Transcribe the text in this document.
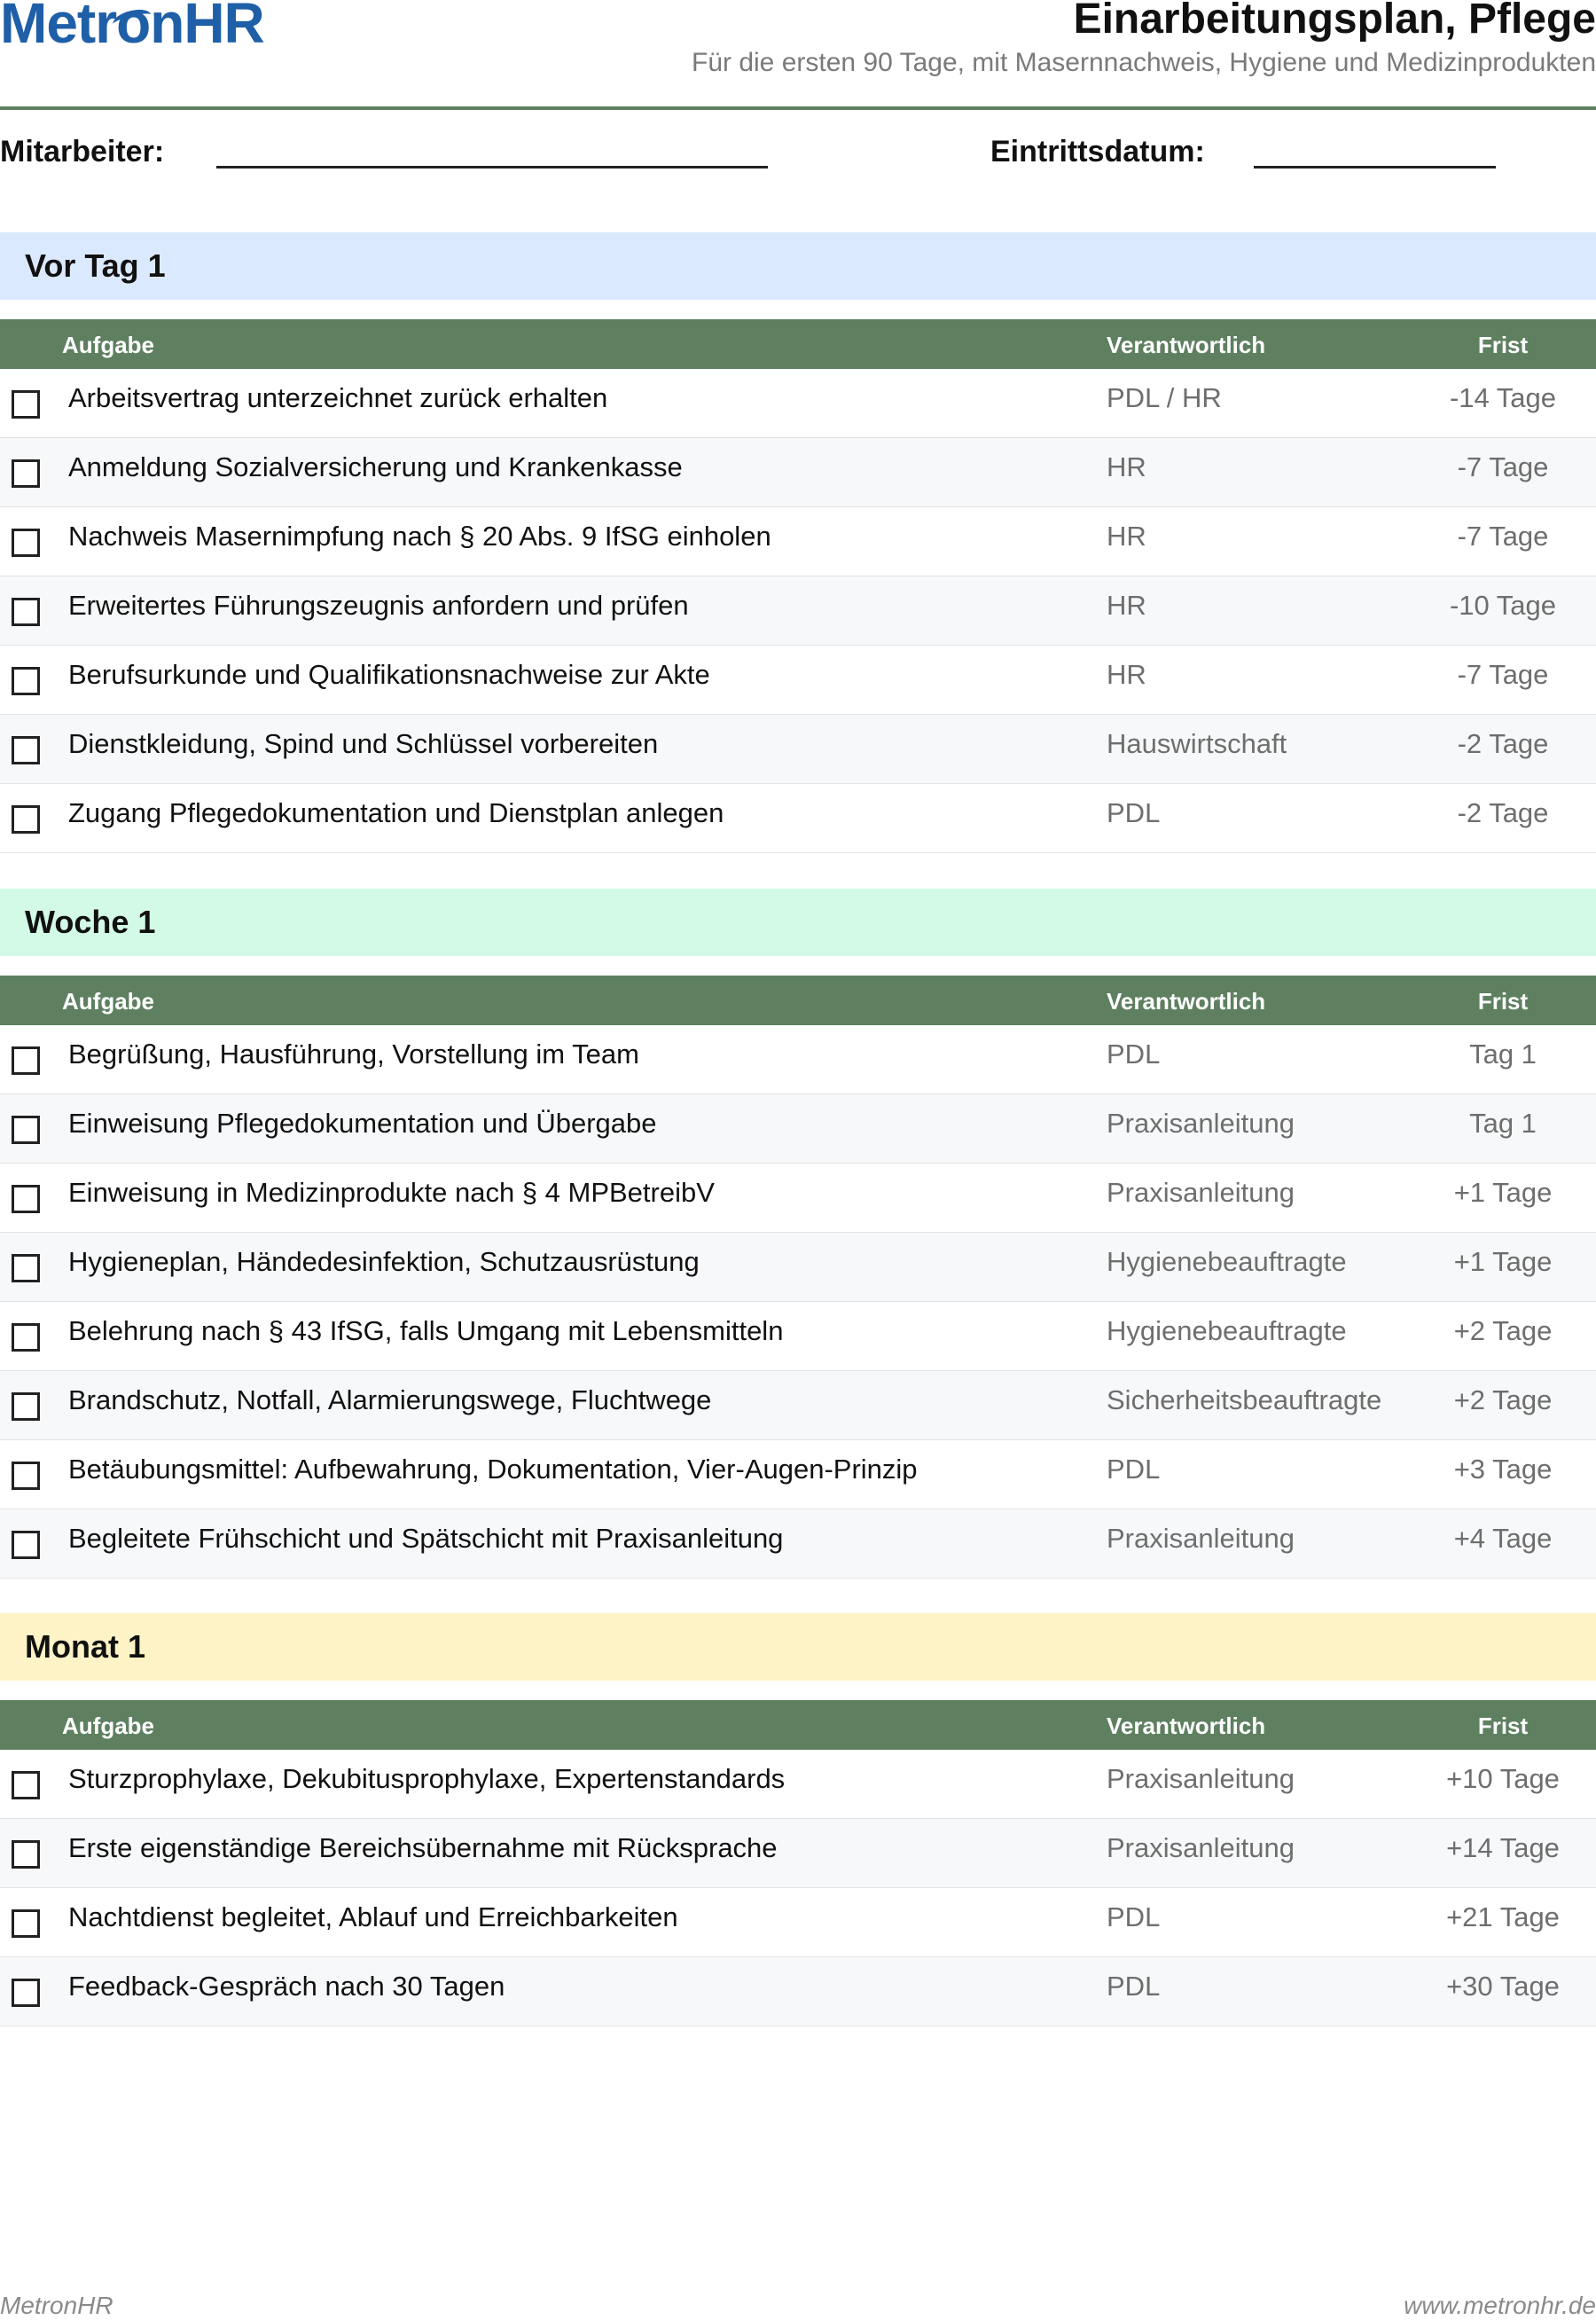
Metro
nHR	Einarbeitungsplan, Pflege
Für die ersten 90 Tage, mit Masernnachweis, Hygiene und Medizinprodukten
Mitarbeiter:	Eintrittsdatum:
Vor Tag 1
Aufgabe	Verantwortlich	Frist
Arbeitsvertrag unterzeichnet zurück erhalten	PDL / HR	-14 Tage
Anmeldung Sozialversicherung und Krankenkasse	HR	-7 Tage
Nachweis Masernimpfung nach § 20 Abs. 9 IfSG einholen	HR	-7 Tage
Erweitertes Führungszeugnis anfordern und prüfen	HR	-10 Tage
Berufsurkunde und Qualifikationsnachweise zur Akte	HR	-7 Tage
Dienstkleidung, Spind und Schlüssel vorbereiten	Hauswirtschaft	-2 Tage
Zugang Pflegedokumentation und Dienstplan anlegen	PDL	-2 Tage
Woche 1
Aufgabe	Verantwortlich	Frist
Begrüßung, Hausführung, Vorstellung im Team	PDL	Tag 1
Einweisung Pflegedokumentation und Übergabe	Praxisanleitung	Tag 1
Einweisung in Medizinprodukte nach § 4 MPBetreibV	Praxisanleitung	+1 Tage
Hygieneplan, Händedesinfektion, Schutzausrüstung	Hygienebeauftragte	+1 Tage
Belehrung nach § 43 IfSG, falls Umgang mit Lebensmitteln	Hygienebeauftragte	+2 Tage
Brandschutz, Notfall, Alarmierungswege, Fluchtwege	Sicherheitsbeauftragte	+2 Tage
Betäubungsmittel: Aufbewahrung, Dokumentation, Vier-Augen-Prinzip	PDL	+3 Tage
Begleitete Frühschicht und Spätschicht mit Praxisanleitung	Praxisanleitung	+4 Tage
Monat 1
Aufgabe	Verantwortlich	Frist
Sturzprophylaxe, Dekubitusprophylaxe, Expertenstandards	Praxisanleitung	+10 Tage
Erste eigenständige Bereichsübernahme mit Rücksprache	Praxisanleitung	+14 Tage
Nachtdienst begleitet, Ablauf und Erreichbarkeiten	PDL	+21 Tage
Feedback-Gespräch nach 30 Tagen	PDL	+30 Tage
MetronHR	www.metronhr.de
